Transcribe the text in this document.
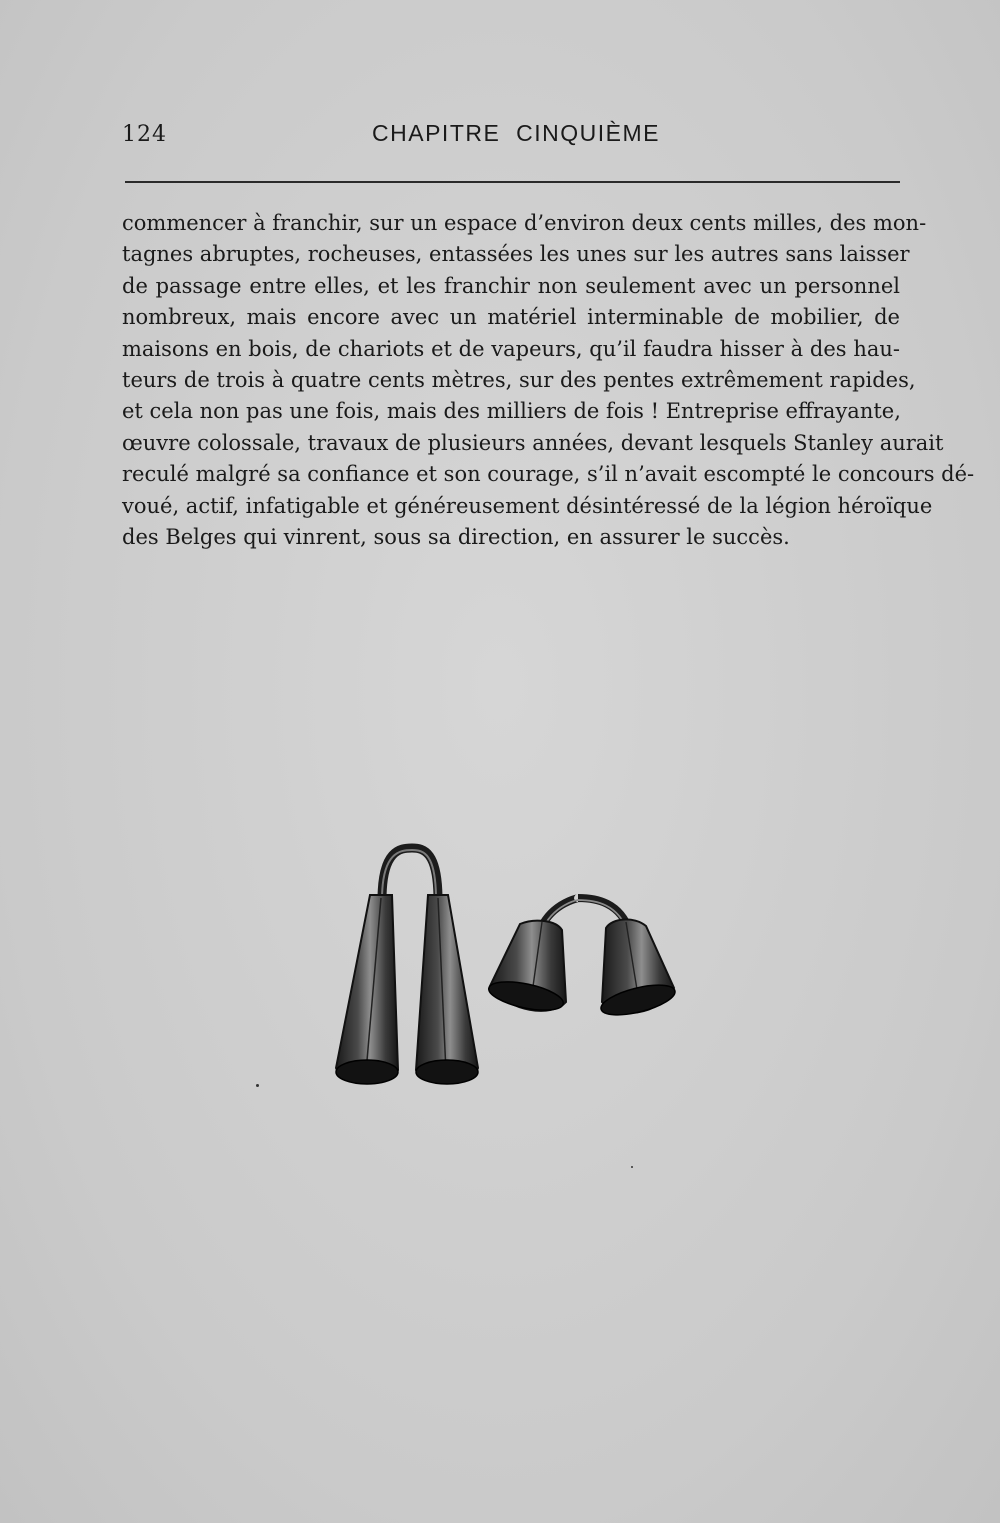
124	CHAPITRE  CINQUIÈME
commencer à franchir, sur un espace d’environ deux cents milles, des mon-
tagnes abruptes, rocheuses, entassées les unes sur les autres sans laisser
de passage entre elles, et les franchir non seulement avec un personnel
nombreux, mais encore avec un matériel interminable de mobilier, de
maisons en bois, de chariots et de vapeurs, qu’il faudra hisser à des hau-
teurs de trois à quatre cents mètres, sur des pentes extrêmement rapides,
et cela non pas une fois, mais des milliers de fois ! Entreprise effrayante,
œuvre colossale, travaux de plusieurs années, devant lesquels Stanley aurait
reculé malgré sa confiance et son courage, s’il n’avait escompté le concours dé-
voué, actif, infatigable et généreusement désintéressé de la légion héroïque
des Belges qui vinrent, sous sa direction, en assurer le succès.
